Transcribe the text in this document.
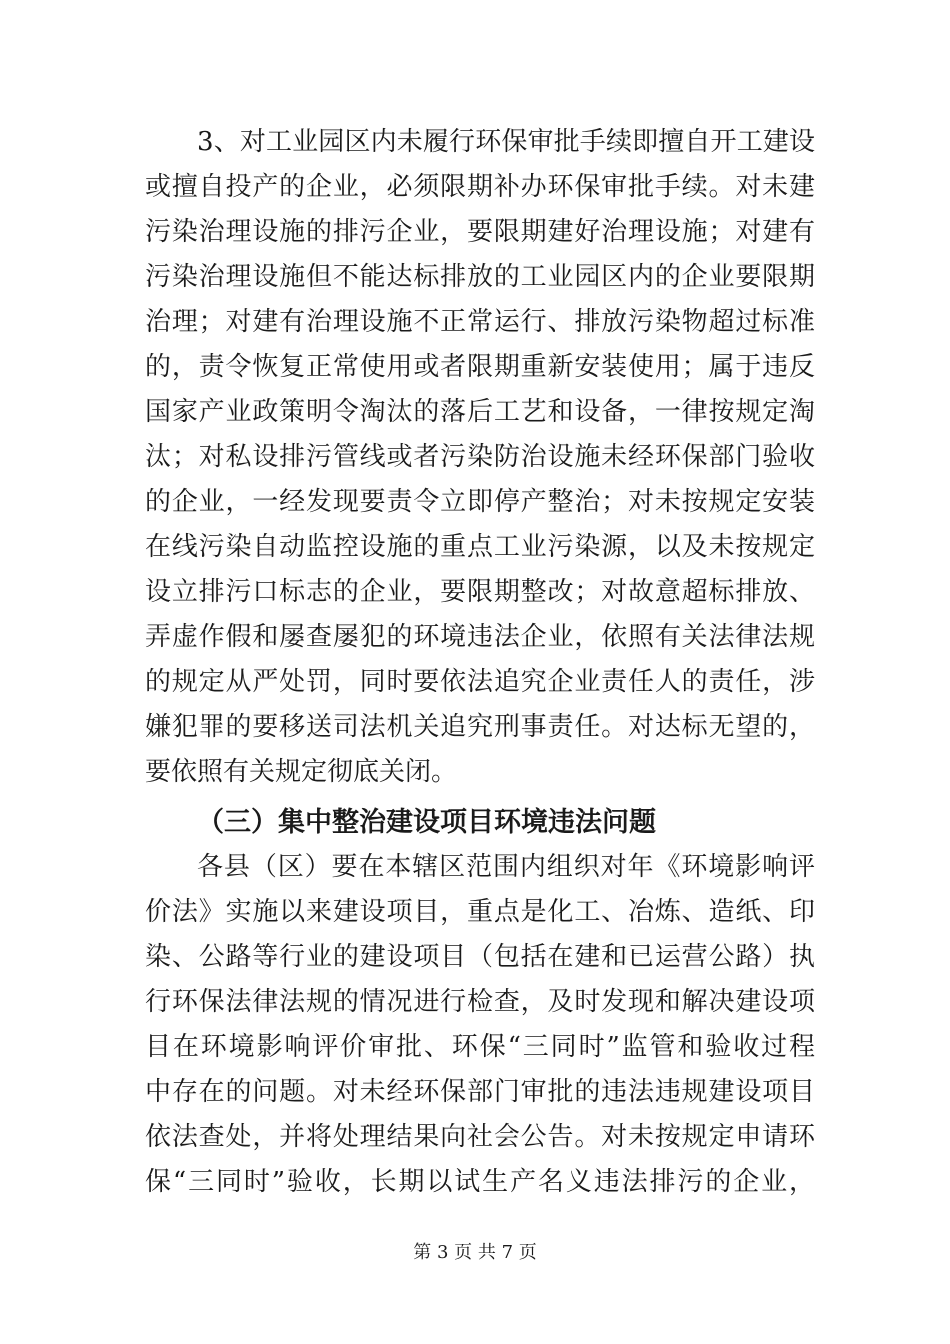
3、对工业园区内未履行环保审批手续即擅自开工建设
或擅自投产的企业，必须限期补办环保审批手续。对未建
污染治理设施的排污企业，要限期建好治理设施；对建有
污染治理设施但不能达标排放的工业园区内的企业要限期
治理；对建有治理设施不正常运行、排放污染物超过标准
的，责令恢复正常使用或者限期重新安装使用；属于违反
国家产业政策明令淘汰的落后工艺和设备，一律按规定淘
汰；对私设排污管线或者污染防治设施未经环保部门验收
的企业，一经发现要责令立即停产整治；对未按规定安装
在线污染自动监控设施的重点工业污染源，以及未按规定
设立排污口标志的企业，要限期整改；对故意超标排放、
弄虚作假和屡查屡犯的环境违法企业，依照有关法律法规
的规定从严处罚，同时要依法追究企业责任人的责任，涉
嫌犯罪的要移送司法机关追究刑事责任。对达标无望的，
要依照有关规定彻底关闭。
（三）集中整治建设项目环境违法问题
各县（区）要在本辖区范围内组织对年《环境影响评
价法》实施以来建设项目，重点是化工、冶炼、造纸、印
染、公路等行业的建设项目（包括在建和已运营公路）执
行环保法律法规的情况进行检查，及时发现和解决建设项
目在环境影响评价审批、环保“三同时”监管和验收过程
中存在的问题。对未经环保部门审批的违法违规建设项目
依法查处，并将处理结果向社会公告。对未按规定申请环
保“三同时”验收，长期以试生产名义违法排污的企业，
第 3 页 共 7 页
